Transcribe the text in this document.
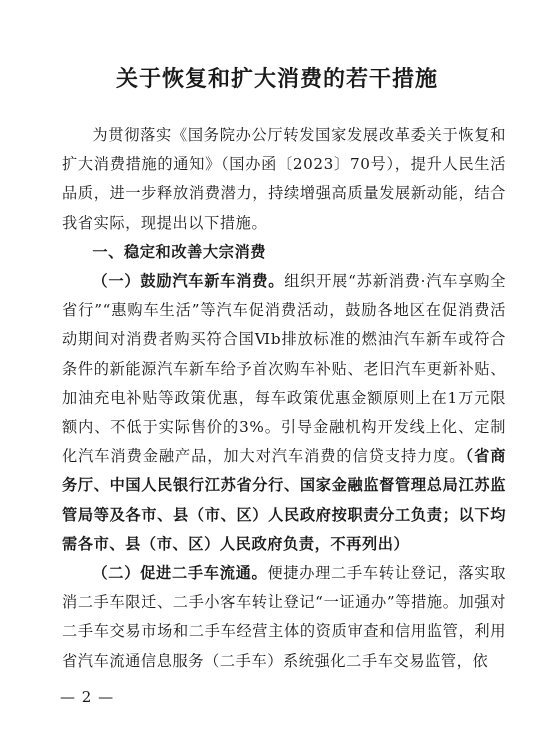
关于恢复和扩大消费的若干措施

为贯彻落实《国务院办公厅转发国家发展改革委关于恢复和扩大消费措施的通知》（国办函〔2023〕70号），提升人民生活品质，进一步释放消费潜力，持续增强高质量发展新动能，结合我省实际，现提出以下措施。

一、稳定和改善大宗消费

（一）鼓励汽车新车消费。组织开展“苏新消费·汽车享购全省行”“惠购车生活”等汽车促消费活动，鼓励各地区在促消费活动期间对消费者购买符合国Ⅵb排放标准的燃油汽车新车或符合条件的新能源汽车新车给予首次购车补贴、老旧汽车更新补贴、加油充电补贴等政策优惠，每车政策优惠金额原则上在1万元限额内、不低于实际售价的3%。引导金融机构开发线上化、定制化汽车消费金融产品，加大对汽车消费的信贷支持力度。（省商务厅、中国人民银行江苏省分行、国家金融监督管理总局江苏监管局等及各市、县（市、区）人民政府按职责分工负责；以下均需各市、县（市、区）人民政府负责，不再列出）

（二）促进二手车流通。便捷办理二手车转让登记，落实取消二手车限迁、二手小客车转让登记“一证通办”等措施。加强对二手车交易市场和二手车经营主体的资质审查和信用监管，利用省汽车流通信息服务（二手车）系统强化二手车交易监管，依

— 2 —
